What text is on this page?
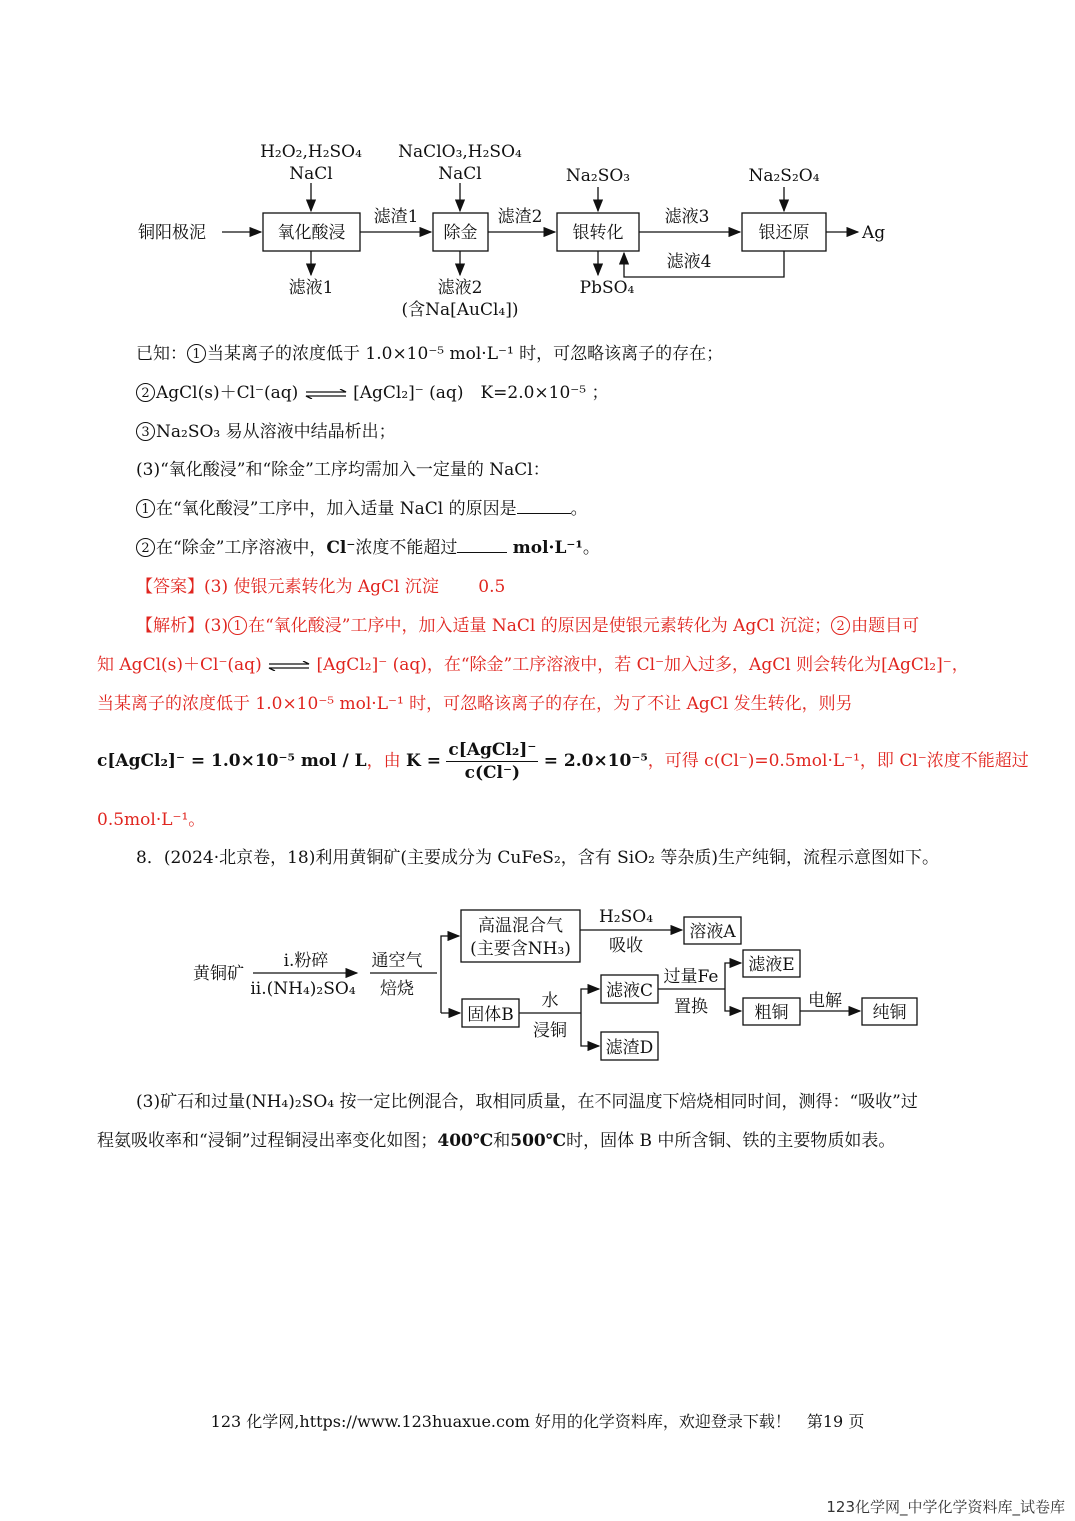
铜阳极泥	氧化酸浸
H₂O₂,H₂SO₄
NaCl
滤液1
滤渣1
除金
NaClO₃,H₂SO₄
NaCl
滤液2
(含Na[AuCl₄])
滤渣2
银转化
Na₂SO₃
PbSO₄
滤液3
滤液4
银还原
Na₂S₂O₄
Ag
已知： 1 当某离子的浓度低于 1.0×10⁻⁵ mol·L⁻¹ 时，可忽略该离子的存在；
2 AgCl(s)＋Cl⁻(aq) ⇌ [AgCl₂]⁻ (aq)　K=2.0×10⁻⁵ ；
3 Na₂SO₃ 易从溶液中结晶析出；
(3)“氧化酸浸”和“除金”工序均需加入一定量的 NaCl：
1 在“氧化酸浸”工序中，加入适量 NaCl 的原因是	。
2 在“除金”工序溶液中，Cl⁻浓度不能超过	mol·L⁻¹。
【答案】(3) 使银元素转化为 AgCl 沉淀　　 0.5
【解析】(3) 1 在“氧化酸浸”工序中，加入适量 NaCl 的原因是使银元素转化为 AgCl 沉淀； 2 由题目可
知 AgCl(s)＋Cl⁻(aq) ⇌ [AgCl₂]⁻ (aq)，在“除金”工序溶液中，若 Cl⁻加入过多，AgCl 则会转化为[AgCl₂]⁻，
当某离子的浓度低于 1.0×10⁻⁵ mol·L⁻¹ 时，可忽略该离子的存在，为了不让 AgCl 发生转化，则另
c[AgCl₂]⁻ = 1.0×10⁻⁵ mol / L，由 $K = \frac{\text{c[AgCl₂]⁻}}{c(Cl^-)} = 2.0\times 10^{-5}$，可得 c(Cl⁻)=0.5mol·L⁻¹，即 Cl⁻浓度不能超过
0.5mol·L⁻¹。
8．(2024·北京卷，18)利用黄铜矿(主要成分为 CuFeS₂，含有 SiO₂ 等杂质)生产纯铜，流程示意图如下。
黄铜矿
i.粉碎
ii.(NH₄)₂SO₄
通空气
焙烧
高温混合气
(主要含NH₃)
H₂SO₄
吸收
溶液A
固体B
水
浸铜
滤液C
滤渣D
过量Fe
置换
滤液E
粗铜
电解
纯铜
(3)矿石和过量(NH₄)₂SO₄ 按一定比例混合，取相同质量，在不同温度下焙烧相同时间，测得：“吸收”过
程氨吸收率和“浸铜”过程铜浸出率变化如图；400℃和500℃时，固体 B 中所含铜、铁的主要物质如表。
123 化学网,https://www.123huaxue.com 好用的化学资料库，欢迎登录下载！　第19 页
123化学网_中学化学资料库_试卷库
